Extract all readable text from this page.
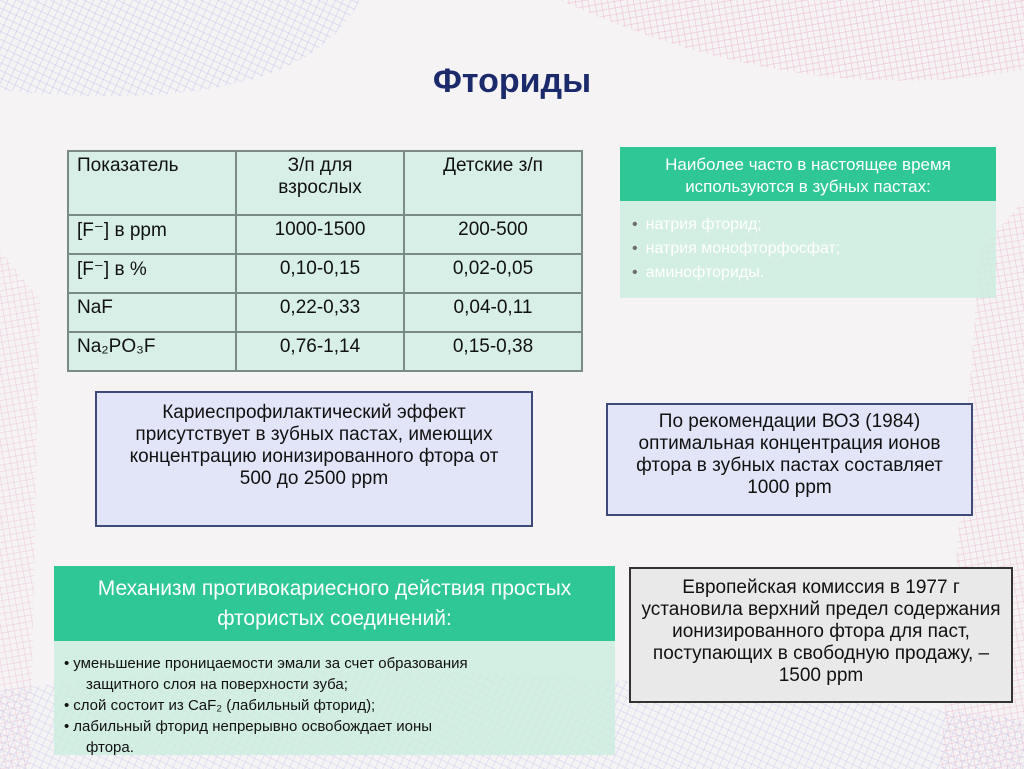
Фториды
Показатель	З/п для взрослых	Детские з/п
[F⁻] в ppm	1000-1500	200-500
[F⁻] в %	0,10-0,15	0,02-0,05
NaF	0,22-0,33	0,04-0,11
Na₂PO₃F	0,76-1,14	0,15-0,38
Наиболее часто в настоящее время используются в зубных пастах:
• натрия фторид;
• натрия монофторфосфат;
• аминофториды.
Кариеспрофилактический эффект присутствует в зубных пастах, имеющих концентрацию ионизированного фтора от 500 до 2500 ppm
По рекомендации ВОЗ (1984) оптимальная концентрация ионов фтора в зубных пастах составляет 1000 ppm
Механизм противокариесного действия простых фтористых соединений:
• уменьшение проницаемости эмали за счет образования
защитного слоя на поверхности зуба;
• слой состоит из CaF₂ (лабильный фторид);
• лабильный фторид непрерывно освобождает ионы
фтора.
Европейская комиссия в 1977 г установила верхний предел содержания ионизированного фтора для паст, поступающих в свободную продажу, – 1500 ppm
